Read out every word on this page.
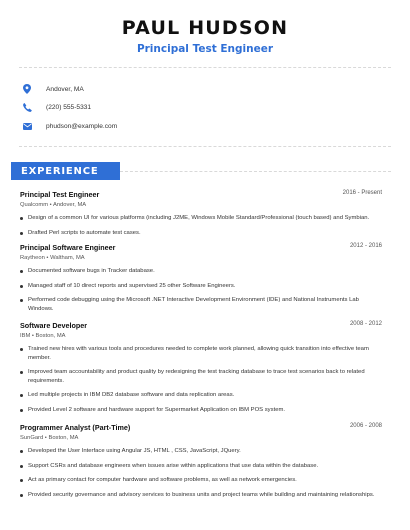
PAUL HUDSON
Principal Test Engineer
Andover, MA
(220) 555-5331
phudson@example.com
EXPERIENCE
Principal Test Engineer	2016 - Present
Qualcomm • Andover, MA
Design of a common UI for various platforms (including J2ME, Windows Mobile Standard/Professional (touch based) and Symbian.
Drafted Perl scripts to automate test cases.
Principal Software Engineer	2012 - 2016
Raytheon • Waltham, MA
Documented software bugs in Tracker database.
Managed staff of 10 direct reports and supervised 25 other Software Engineers.
Performed code debugging using the Microsoft .NET Interactive Development Environment (IDE) and National Instruments Lab Windows.
Software Developer	2008 - 2012
IBM • Boston, MA
Trained new hires with various tools and procedures needed to complete work planned, allowing quick transition into effective team member.
Improved team accountability and product quality by redesigning the test tracking database to trace test scenarios back to related requirements.
Led multiple projects in IBM DB2 database software and data replication areas.
Provided Level 2 software and hardware support for Supermarket Application on IBM POS system.
Programmer Analyst (Part-Time)	2006 - 2008
SunGard • Boston, MA
Developed the User Interface using Angular JS, HTML , CSS, JavaScript, JQuery.
Support CSRs and database engineers when issues arise within applications that use data within the database.
Act as primary contact for computer hardware and software problems, as well as network emergencies.
Provided security governance and advisory services to business units and project teams while building and maintaining relationships.
